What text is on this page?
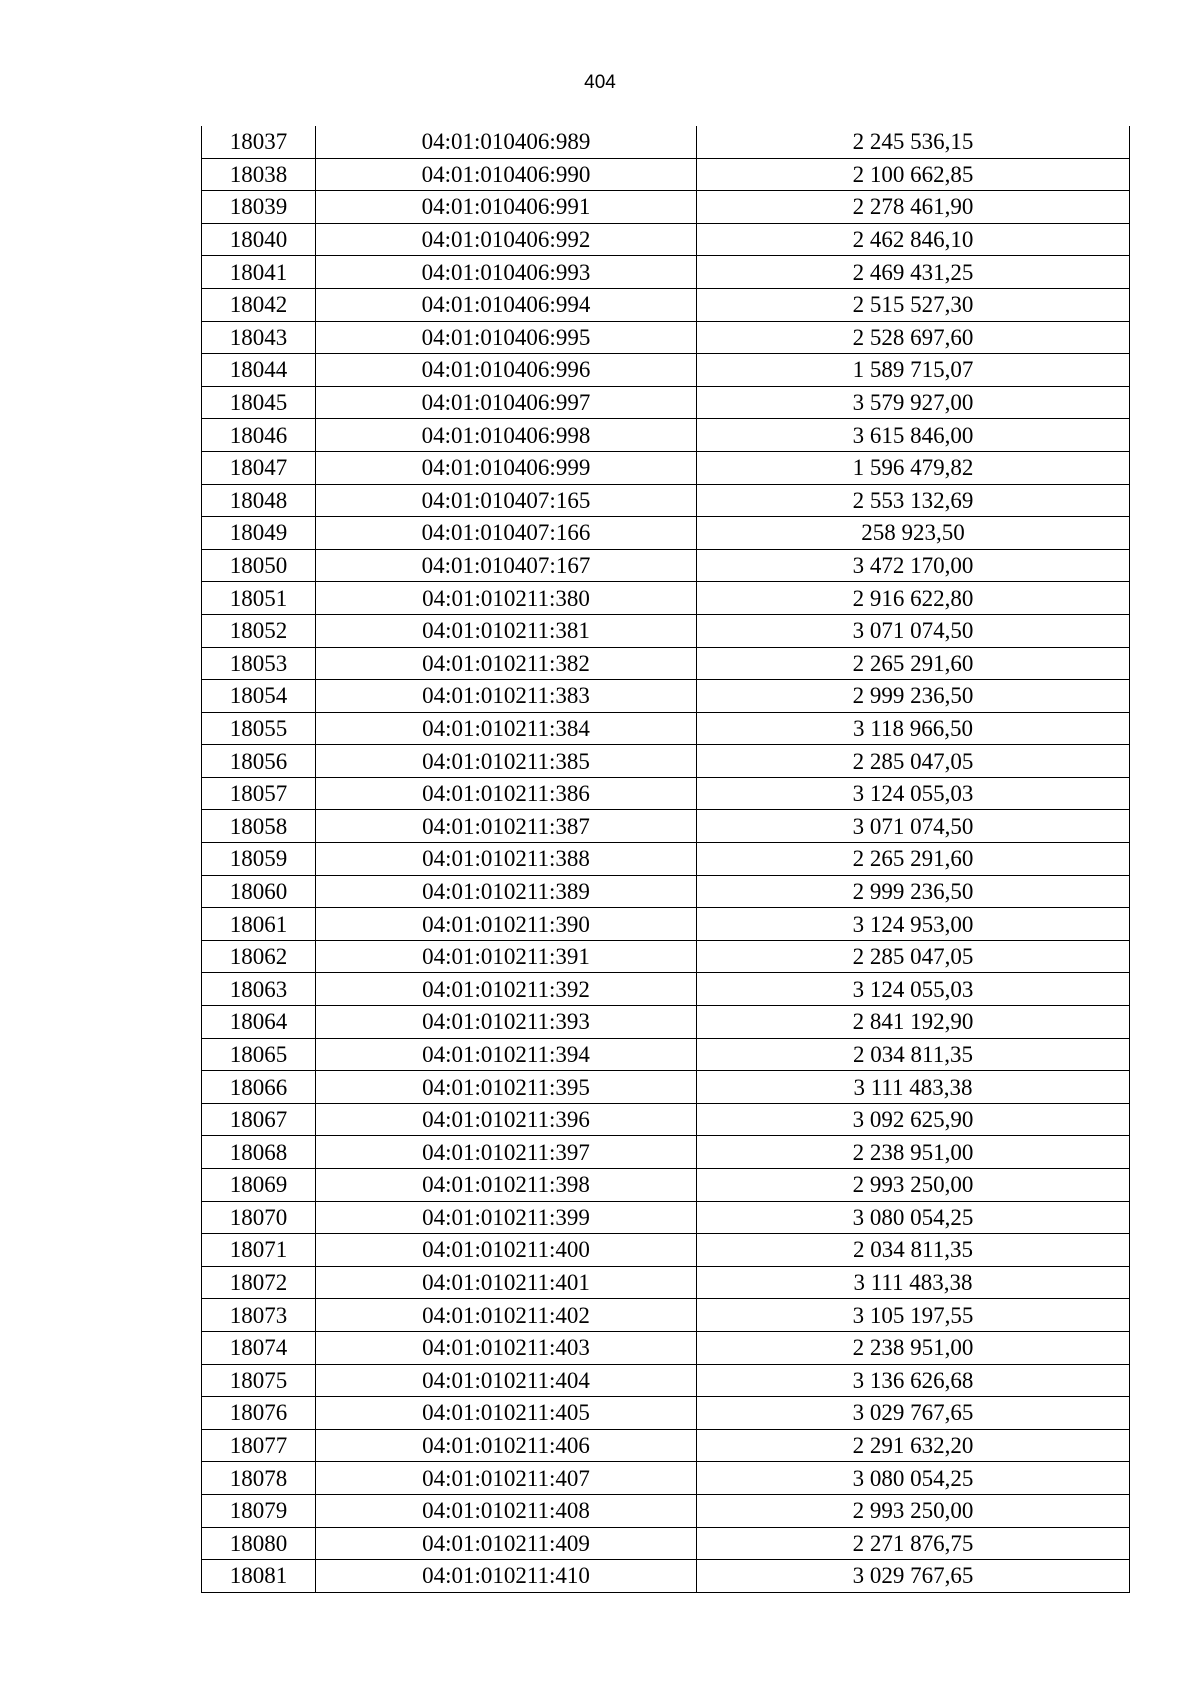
404
18037	04:01:010406:989	2 245 536,15
18038	04:01:010406:990	2 100 662,85
18039	04:01:010406:991	2 278 461,90
18040	04:01:010406:992	2 462 846,10
18041	04:01:010406:993	2 469 431,25
18042	04:01:010406:994	2 515 527,30
18043	04:01:010406:995	2 528 697,60
18044	04:01:010406:996	1 589 715,07
18045	04:01:010406:997	3 579 927,00
18046	04:01:010406:998	3 615 846,00
18047	04:01:010406:999	1 596 479,82
18048	04:01:010407:165	2 553 132,69
18049	04:01:010407:166	258 923,50
18050	04:01:010407:167	3 472 170,00
18051	04:01:010211:380	2 916 622,80
18052	04:01:010211:381	3 071 074,50
18053	04:01:010211:382	2 265 291,60
18054	04:01:010211:383	2 999 236,50
18055	04:01:010211:384	3 118 966,50
18056	04:01:010211:385	2 285 047,05
18057	04:01:010211:386	3 124 055,03
18058	04:01:010211:387	3 071 074,50
18059	04:01:010211:388	2 265 291,60
18060	04:01:010211:389	2 999 236,50
18061	04:01:010211:390	3 124 953,00
18062	04:01:010211:391	2 285 047,05
18063	04:01:010211:392	3 124 055,03
18064	04:01:010211:393	2 841 192,90
18065	04:01:010211:394	2 034 811,35
18066	04:01:010211:395	3 111 483,38
18067	04:01:010211:396	3 092 625,90
18068	04:01:010211:397	2 238 951,00
18069	04:01:010211:398	2 993 250,00
18070	04:01:010211:399	3 080 054,25
18071	04:01:010211:400	2 034 811,35
18072	04:01:010211:401	3 111 483,38
18073	04:01:010211:402	3 105 197,55
18074	04:01:010211:403	2 238 951,00
18075	04:01:010211:404	3 136 626,68
18076	04:01:010211:405	3 029 767,65
18077	04:01:010211:406	2 291 632,20
18078	04:01:010211:407	3 080 054,25
18079	04:01:010211:408	2 993 250,00
18080	04:01:010211:409	2 271 876,75
18081	04:01:010211:410	3 029 767,65
